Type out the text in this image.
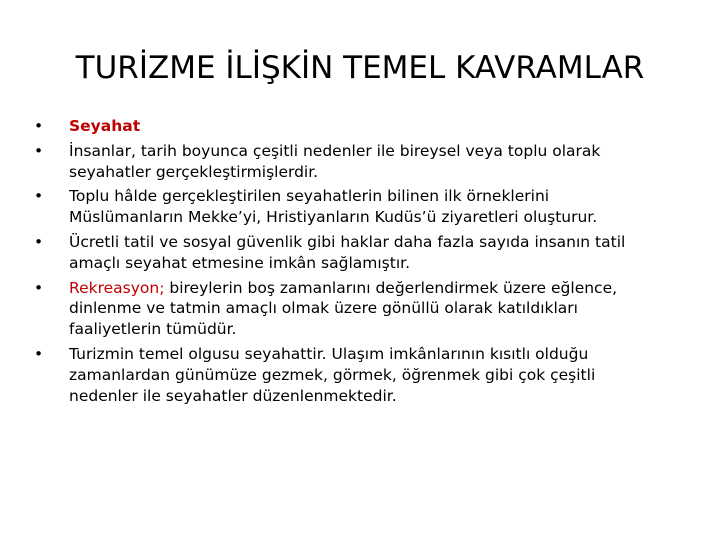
TURİZME İLİŞKİN TEMEL KAVRAMLAR
•	Seyahat
•	İnsanlar, tarih boyunca çeşitli nedenler ile bireysel veya toplu olarak
seyahatler gerçekleştirmişlerdir.
•	Toplu hâlde gerçekleştirilen seyahatlerin bilinen ilk örneklerini
Müslümanların Mekke’yi, Hristiyanların Kudüs’ü ziyaretleri oluşturur.
•	Ücretli tatil ve sosyal güvenlik gibi haklar daha fazla sayıda insanın tatil
amaçlı seyahat etmesine imkân sağlamıştır.
•	Rekreasyon; bireylerin boş zamanlarını değerlendirmek üzere eğlence,
dinlenme ve tatmin amaçlı olmak üzere gönüllü olarak katıldıkları
faaliyetlerin tümüdür.
•	Turizmin temel olgusu seyahattir. Ulaşım imkânlarının kısıtlı olduğu
zamanlardan günümüze gezmek, görmek, öğrenmek gibi çok çeşitli
nedenler ile seyahatler düzenlenmektedir.
